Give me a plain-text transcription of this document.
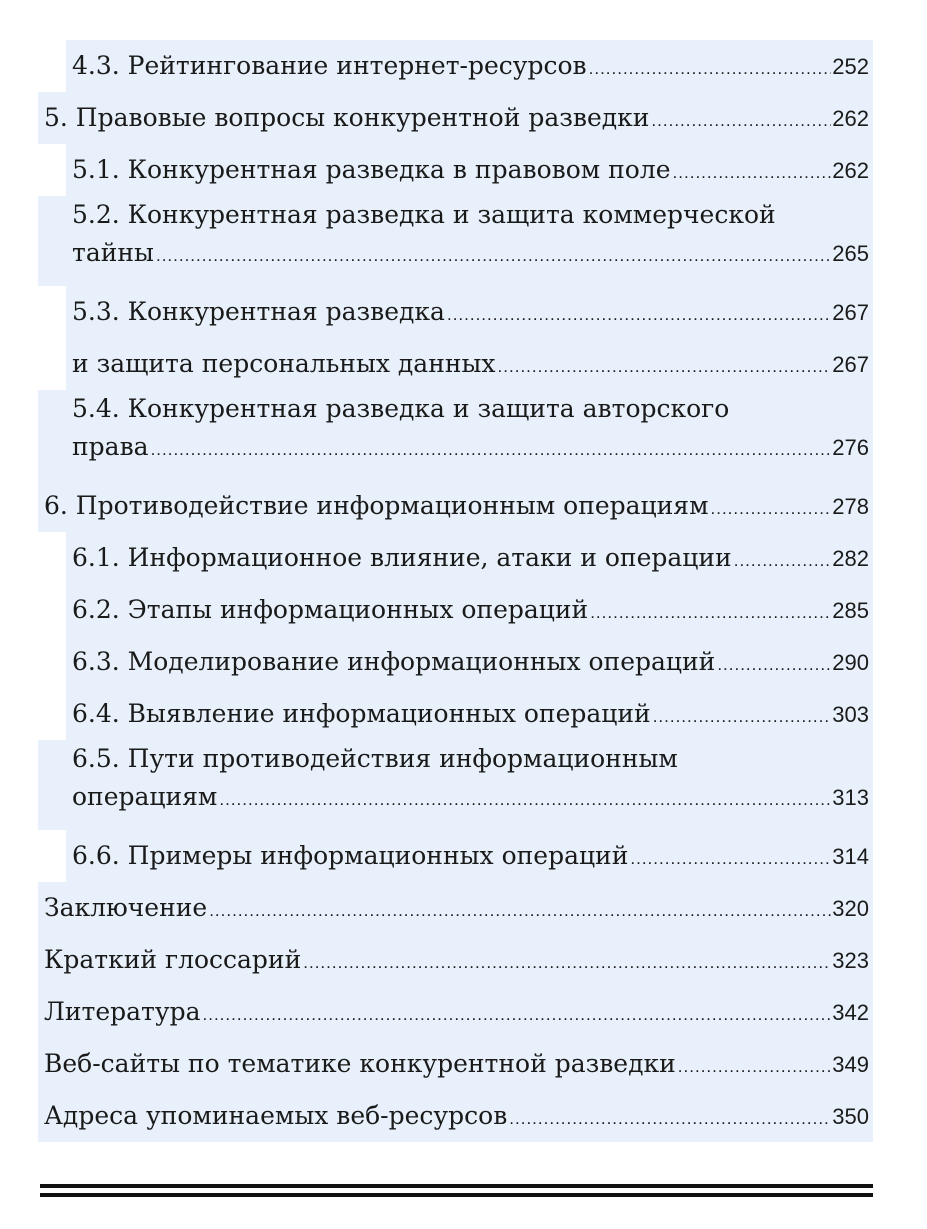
4.3. Рейтингование интернет-ресурсов .....	252
5. Правовые вопросы конкурентной разведки .....	262
5.1. Конкурентная разведка в правовом поле .....	262
5.2. Конкурентная разведка и защита коммерческой
тайны .....	265
5.3. Конкурентная разведка .....	267
и защита персональных данных .....	267
5.4. Конкурентная разведка и защита авторского
права .....	276
6. Противодействие информационным операциям .....	278
6.1. Информационное влияние, атаки и операции .....	282
6.2. Этапы информационных операций .....	285
6.3. Моделирование информационных операций .....	290
6.4. Выявление информационных операций .....	303
6.5. Пути противодействия информационным
операциям .....	313
6.6. Примеры информационных операций .....	314
Заключение .....	320
Краткий глоссарий .....	323
Литература .....	342
Веб-сайты по тематике конкурентной разведки .....	349
Адреса упоминаемых веб-ресурсов .....	350
